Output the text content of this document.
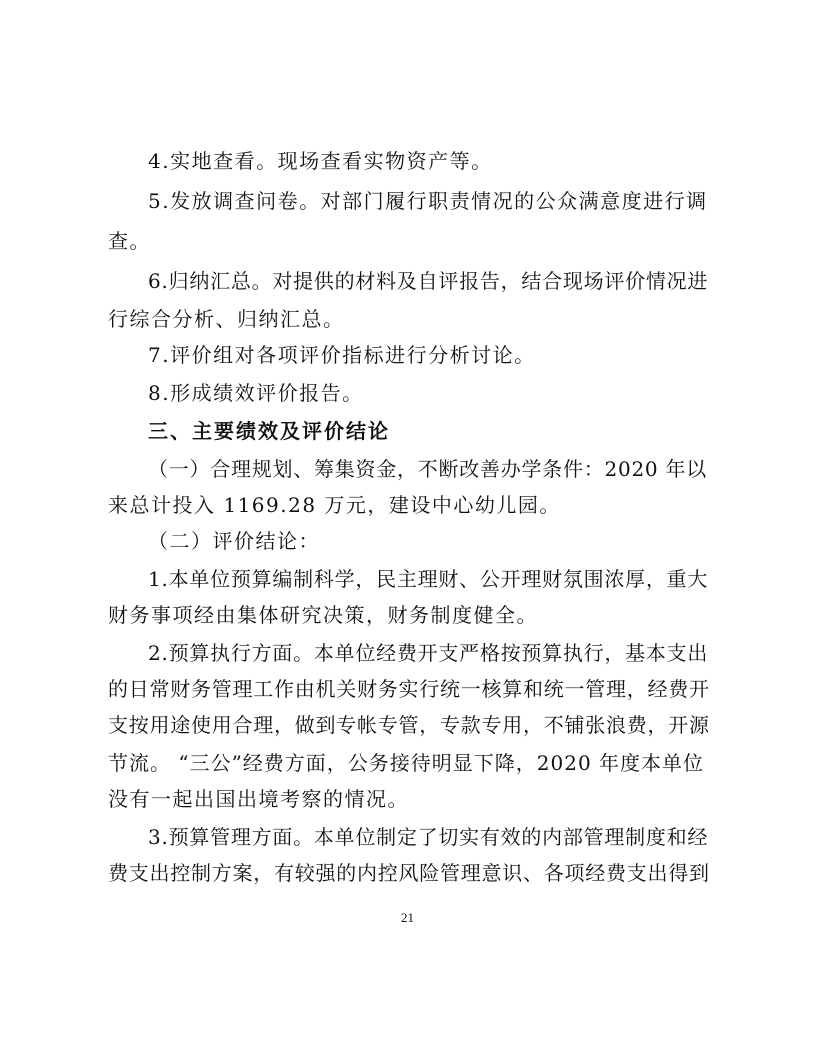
4.实地查看。现场查看实物资产等。
5.发放调查问卷。对部门履行职责情况的公众满意度进行调
查。
6.归纳汇总。对提供的材料及自评报告，结合现场评价情况进
行综合分析、归纳汇总。
7.评价组对各项评价指标进行分析讨论。
8.形成绩效评价报告。
三、主要绩效及评价结论
（一）合理规划、筹集资金，不断改善办学条件：2020 年以
来总计投入 1169.28 万元，建设中心幼儿园。
（二）评价结论：
1.本单位预算编制科学，民主理财、公开理财氛围浓厚，重大
财务事项经由集体研究决策，财务制度健全。
2.预算执行方面。本单位经费开支严格按预算执行，基本支出
的日常财务管理工作由机关财务实行统一核算和统一管理，经费开
支按用途使用合理，做到专帐专管，专款专用，不铺张浪费，开源
节流。 “三公”经费方面，公务接待明显下降，2020 年度本单位
没有一起出国出境考察的情况。
3.预算管理方面。本单位制定了切实有效的内部管理制度和经
费支出控制方案，有较强的内控风险管理意识、各项经费支出得到
21
